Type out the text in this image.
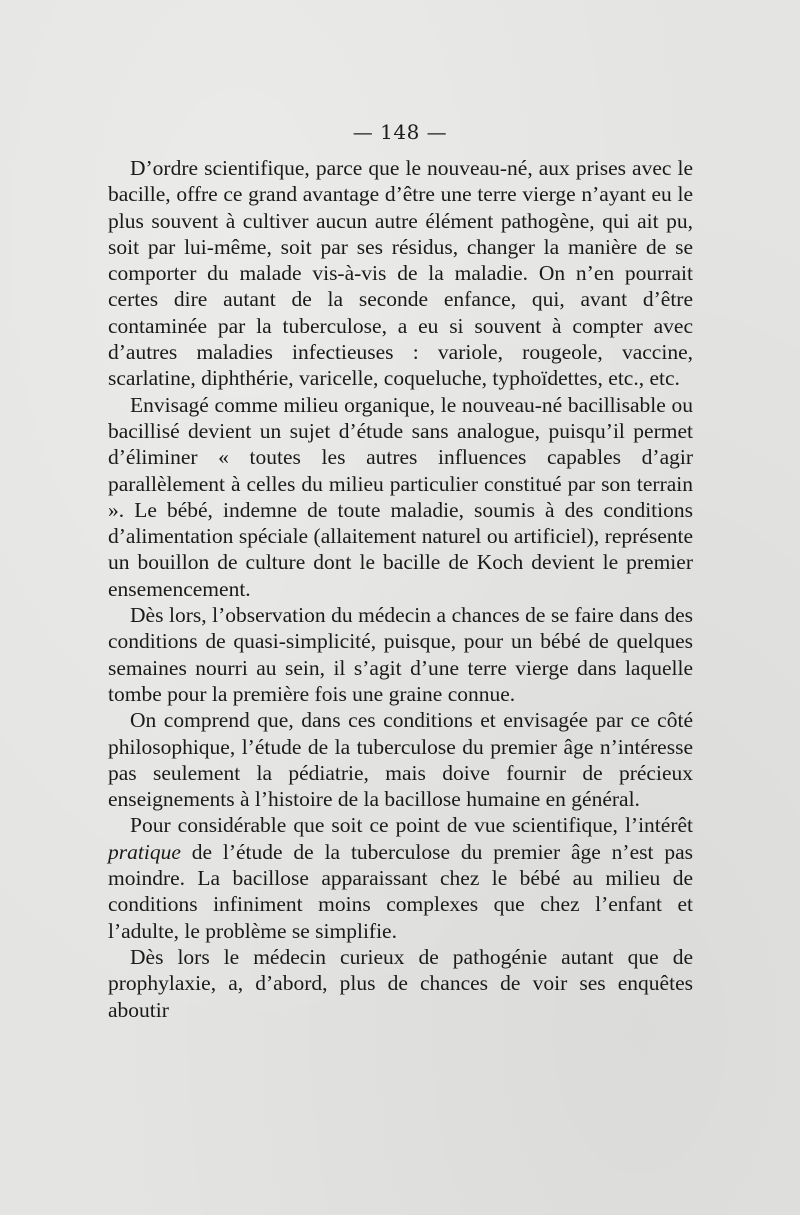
— 148 —

D’ordre scientifique, parce que le nouveau-né, aux prises avec le bacille, offre ce grand avantage d’être une terre vierge n’ayant eu le plus souvent à cultiver aucun autre élément pathogène, qui ait pu, soit par lui-même, soit par ses résidus, changer la manière de se comporter du malade vis-à-vis de la maladie. On n’en pourrait certes dire autant de la seconde enfance, qui, avant d’être contaminée par la tuberculose, a eu si souvent à compter avec d’autres maladies infectieuses : variole, rougeole, vaccine, scarlatine, diphthérie, varicelle, coqueluche, typhoïdettes, etc., etc.

Envisagé comme milieu organique, le nouveau-né bacillisable ou bacillisé devient un sujet d’étude sans analogue, puisqu’il permet d’éliminer « toutes les autres influences capables d’agir parallèlement à celles du milieu particulier constitué par son terrain ». Le bébé, indemne de toute maladie, soumis à des conditions d’alimentation spéciale (allaitement naturel ou artificiel), représente un bouillon de culture dont le bacille de Koch devient le premier ensemencement.

Dès lors, l’observation du médecin a chances de se faire dans des conditions de quasi-simplicité, puisque, pour un bébé de quelques semaines nourri au sein, il s’agit d’une terre vierge dans laquelle tombe pour la première fois une graine connue.

On comprend que, dans ces conditions et envisagée par ce côté philosophique, l’étude de la tuberculose du premier âge n’intéresse pas seulement la pédiatrie, mais doive fournir de précieux enseignements à l’histoire de la bacillose humaine en général.

Pour considérable que soit ce point de vue scientifique, l’intérêt pratique de l’étude de la tuberculose du premier âge n’est pas moindre. La bacillose apparaissant chez le bébé au milieu de conditions infiniment moins complexes que chez l’enfant et l’adulte, le problème se simplifie.

Dès lors le médecin curieux de pathogénie autant que de prophylaxie, a, d’abord, plus de chances de voir ses enquêtes aboutir
